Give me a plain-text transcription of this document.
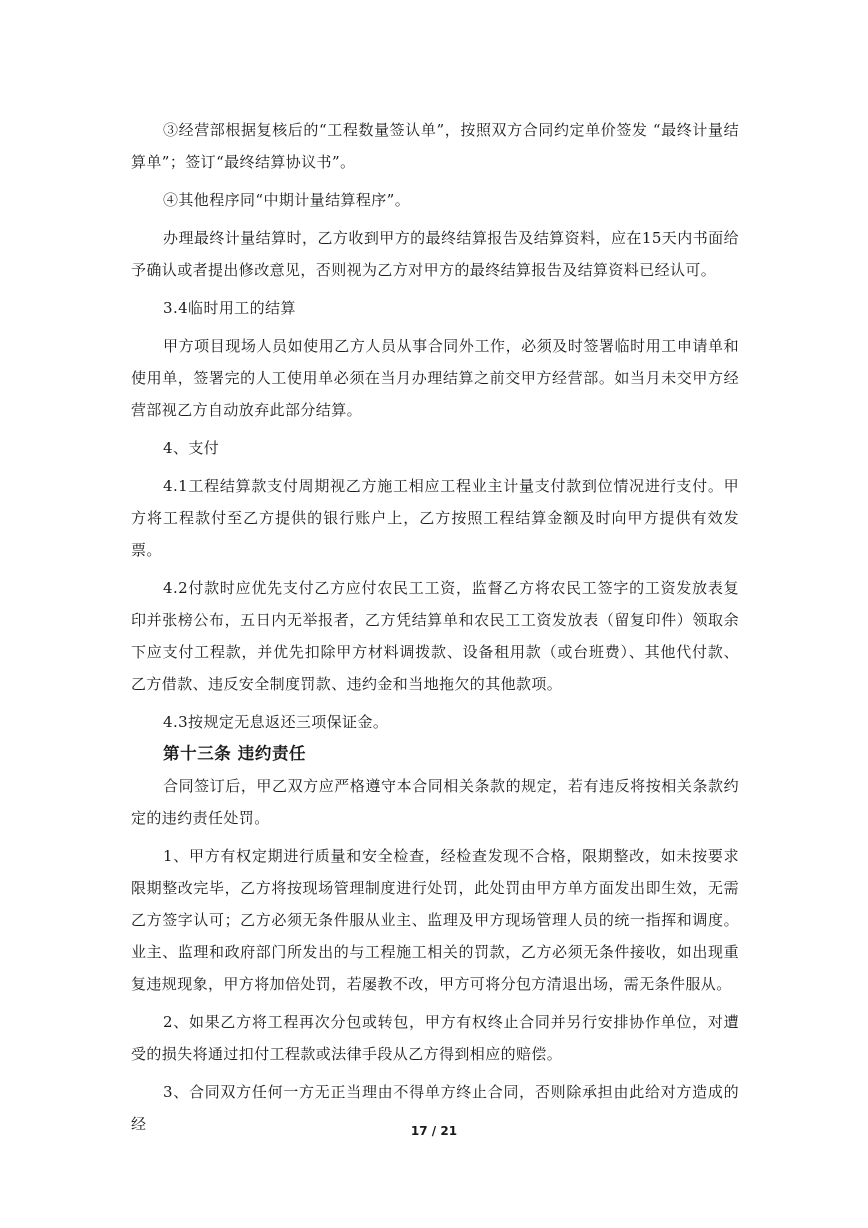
③经营部根据复核后的“工程数量签认单”，按照双方合同约定单价签发 “最终计量结算单”；签订“最终结算协议书”。

④其他程序同“中期计量结算程序”。

办理最终计量结算时，乙方收到甲方的最终结算报告及结算资料，应在15天内书面给予确认或者提出修改意见，否则视为乙方对甲方的最终结算报告及结算资料已经认可。

3.4临时用工的结算

甲方项目现场人员如使用乙方人员从事合同外工作，必须及时签署临时用工申请单和使用单，签署完的人工使用单必须在当月办理结算之前交甲方经营部。如当月未交甲方经营部视乙方自动放弃此部分结算。

4、支付

4.1工程结算款支付周期视乙方施工相应工程业主计量支付款到位情况进行支付。甲方将工程款付至乙方提供的银行账户上，乙方按照工程结算金额及时向甲方提供有效发票。

4.2付款时应优先支付乙方应付农民工工资，监督乙方将农民工签字的工资发放表复印并张榜公布，五日内无举报者，乙方凭结算单和农民工工资发放表（留复印件）领取余下应支付工程款，并优先扣除甲方材料调拨款、设备租用款（或台班费）、其他代付款、乙方借款、违反安全制度罚款、违约金和当地拖欠的其他款项。

4.3按规定无息返还三项保证金。

第十三条 违约责任

合同签订后，甲乙双方应严格遵守本合同相关条款的规定，若有违反将按相关条款约定的违约责任处罚。

1、甲方有权定期进行质量和安全检查，经检查发现不合格，限期整改，如未按要求限期整改完毕，乙方将按现场管理制度进行处罚，此处罚由甲方单方面发出即生效，无需乙方签字认可；乙方必须无条件服从业主、监理及甲方现场管理人员的统一指挥和调度。业主、监理和政府部门所发出的与工程施工相关的罚款，乙方必须无条件接收，如出现重复违规现象，甲方将加倍处罚，若屡教不改，甲方可将分包方清退出场，需无条件服从。

2、如果乙方将工程再次分包或转包，甲方有权终止合同并另行安排协作单位，对遭受的损失将通过扣付工程款或法律手段从乙方得到相应的赔偿。

3、合同双方任何一方无正当理由不得单方终止合同，否则除承担由此给对方造成的经	17 / 21
